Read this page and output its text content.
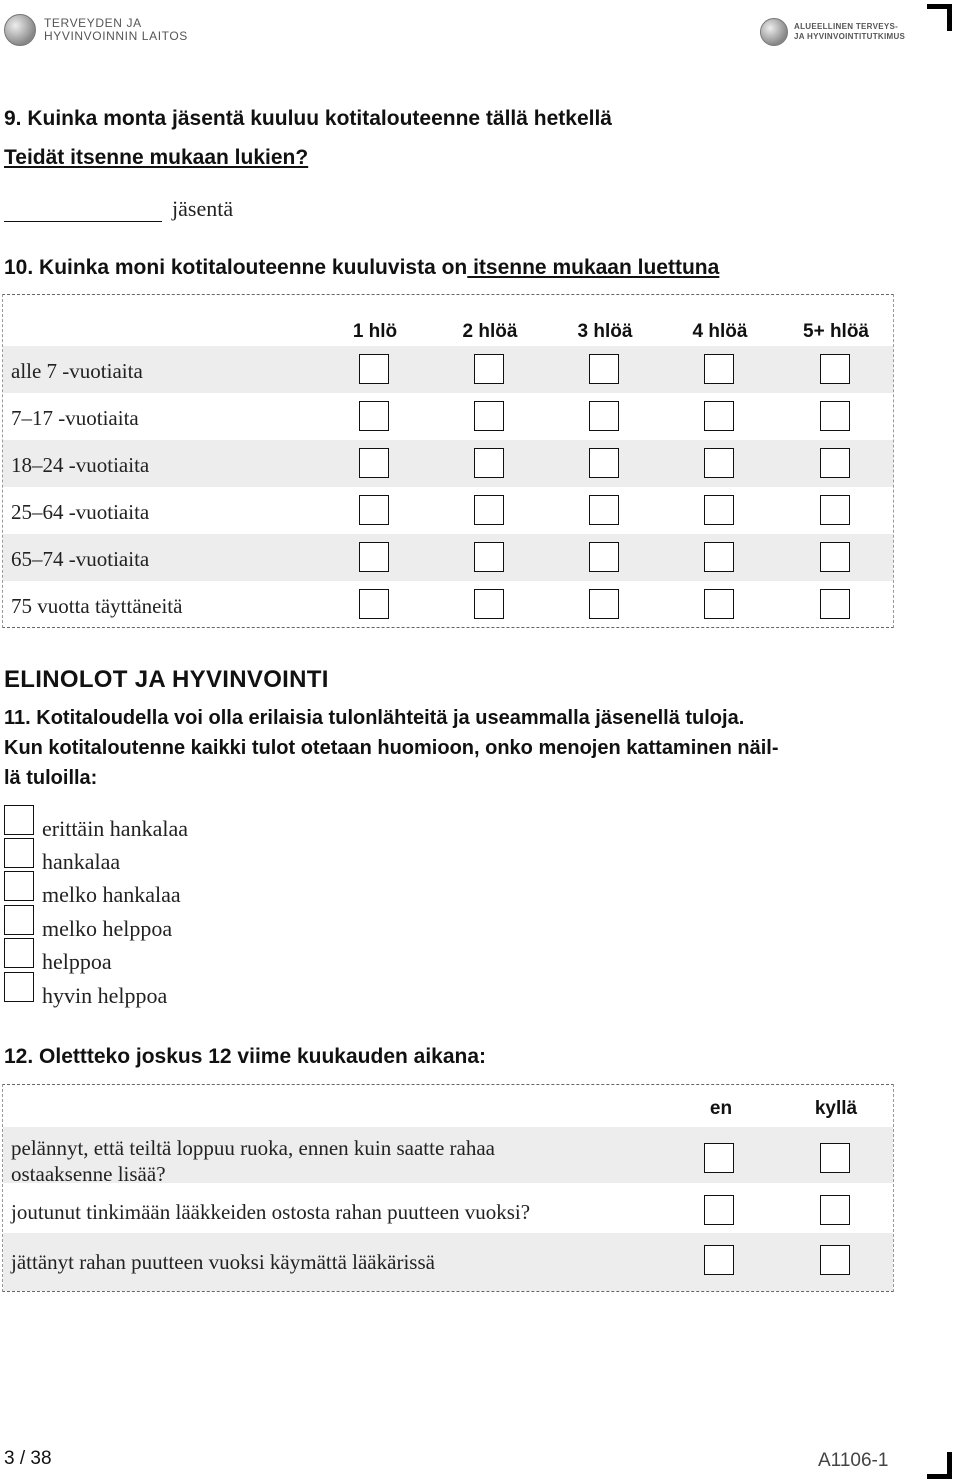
TERVEYDEN JA
HYVINVOINNIN LAITOS
ALUEELLINEN TERVEYS-
JA HYVINVOINTITUTKIMUS
9. Kuinka monta jäsentä kuuluu kotitalouteenne tällä hetkellä
Teidät itsenne mukaan lukien?
jäsentä
10. Kuinka moni kotitalouteenne kuuluvista on itsenne mukaan luettuna
1 hlö	2 hlöä	3 hlöä	4 hlöä	5+ hlöä
alle 7 -vuotiaita
7–17 -vuotiaita
18–24 -vuotiaita
25–64 -vuotiaita
65–74 -vuotiaita
75 vuotta täyttäneitä
ELINOLOT JA HYVINVOINTI
11. Kotitaloudella voi olla erilaisia tulonlähteitä ja useammalla jäsenellä tuloja.
Kun kotitaloutenne kaikki tulot otetaan huomioon, onko menojen kattaminen näil-
lä tuloilla:
erittäin hankalaa
hankalaa
melko hankalaa
melko helppoa
helppoa
hyvin helppoa
12. Olettteko joskus 12 viime kuukauden aikana:
en	kyllä
pelännyt, että teiltä loppuu ruoka, ennen kuin saatte rahaa
ostaaksenne lisää?
joutunut tinkimään lääkkeiden ostosta rahan puutteen vuoksi?
jättänyt rahan puutteen vuoksi käymättä lääkärissä
3 / 38	A1106-1
